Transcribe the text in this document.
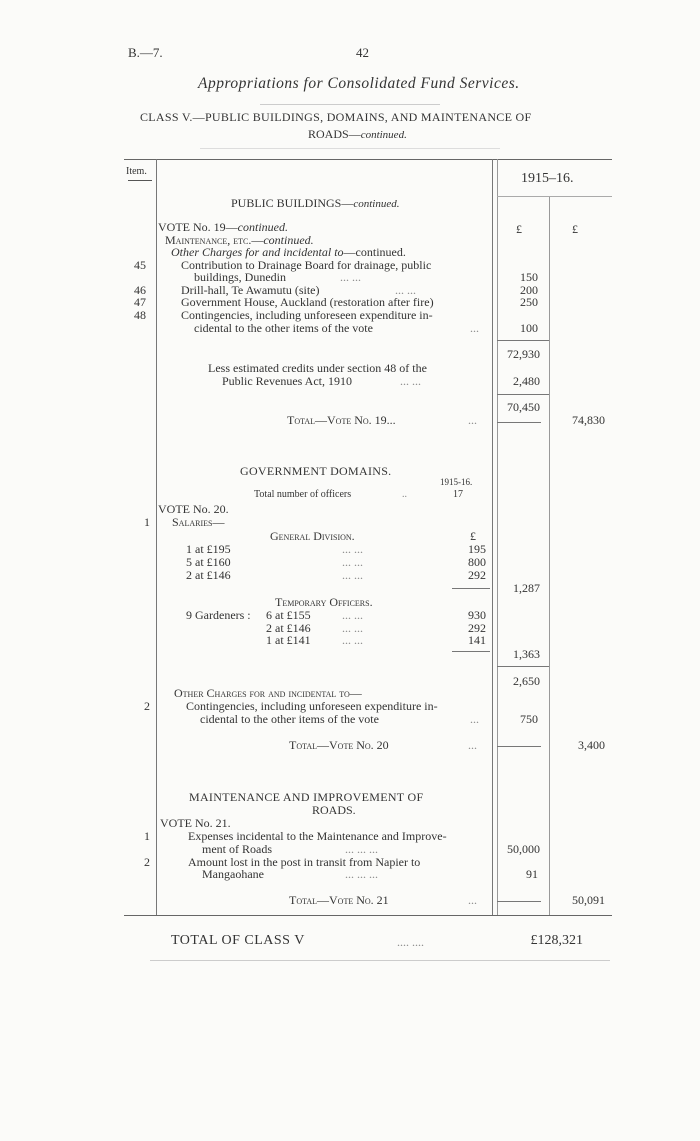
B.—7.	42
Appropriations for Consolidated Fund Services.
CLASS V.—PUBLIC BUILDINGS, DOMAINS, AND MAINTENANCE OF
ROADS—continued.
Item.	1915–16.
PUBLIC BUILDINGS—continued.
VOTE No. 19—continued.
Maintenance, etc.—continued.
Other Charges for and incidental to—continued.
£	£
45	Contribution to Drainage Board for drainage, public
buildings, Dunedin	... ...	150
46	Drill-hall, Te Awamutu (site)	... ...	200
47	Government House, Auckland (restoration after fire)	250
48	Contingencies, including unforeseen expenditure in-
cidental to the other items of the vote	...	100
72,930
Less estimated credits under section 48 of the
Public Revenues Act, 1910	... ...	2,480
70,450
Total—Vote No. 19...	...	74,830
GOVERNMENT DOMAINS.
1915-16.
Total number of officers	..	17
VOTE No. 20.
1 Salaries—
General Division.	£
1 at £195	... ...	195
5 at £160	... ...	800
2 at £146	... ...	292
1,287
Temporary Officers.
9 Gardeners : 6 at £155	... ...	930
2 at £146	... ...	292
1 at £141	... ...	141
1,363
2,650
Other Charges for and incidental to—
2	Contingencies, including unforeseen expenditure in-
cidental to the other items of the vote	...	750
Total—Vote No. 20	...	3,400
MAINTENANCE AND IMPROVEMENT OF
ROADS.
VOTE No. 21.
1	Expenses incidental to the Maintenance and Improve-
ment of Roads	... ... ...	50,000
2	Amount lost in the post in transit from Napier to
Mangaohane	... ... ...	91
Total—Vote No. 21	...	50,091
TOTAL OF CLASS V	.... ....	£128,321
